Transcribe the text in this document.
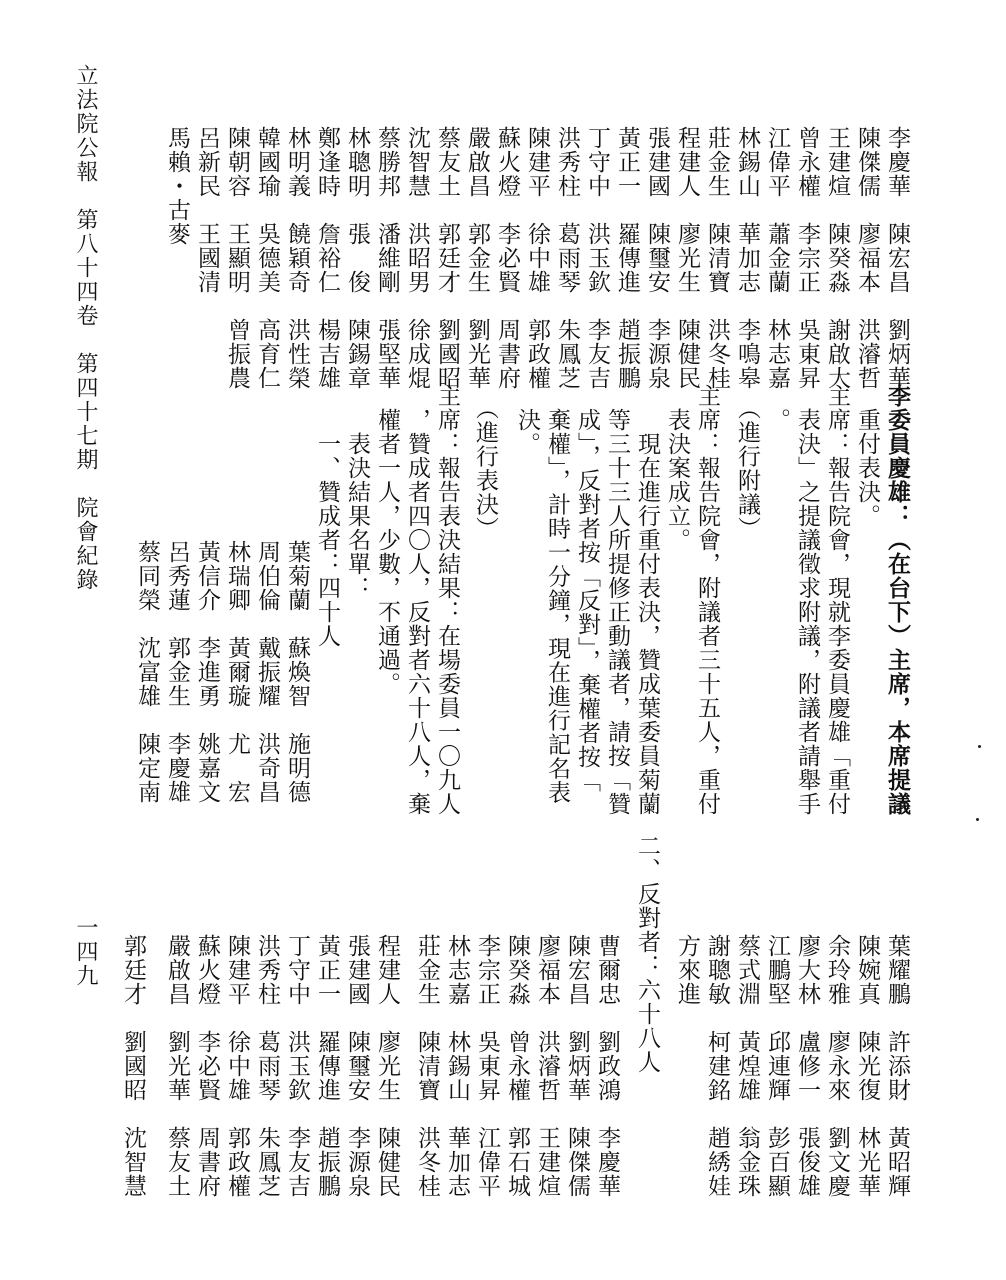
立法院公報　第八十四卷　第四十七期　院會紀錄
一四九
李慶華　陳宏昌　劉炳華
陳傑儒　廖福本　洪濬哲
王建煊　陳癸淼　謝啟大
曾永權　李宗正　吳東昇
江偉平　蕭金蘭　林志嘉
林錫山　華加志　李鳴皋
莊金生　陳清寶　洪冬桂
程建人　廖光生　陳健民
張建國　陳璽安　李源泉
黃正一　羅傳進　趙振鵬
丁守中　洪玉欽　李友吉
洪秀柱　葛雨琴　朱鳳芝
陳建平　徐中雄　郭政權
蘇火燈　李必賢　周書府
嚴啟昌　郭金生　劉光華
蔡友土　郭廷才　劉國昭
沈智慧　洪昭男　徐成焜
蔡勝邦　潘維剛　張堅華
林聰明　張　俊　陳錫章
鄭逢時　詹裕仁　楊吉雄
林明義　饒穎奇　洪性榮
韓國瑜　吳德美　高育仁
陳朝容　王顯明　曾振農
呂新民　王國清
馬賴・古麥
李委員慶雄：（在台下）主席，本席提議
　重付表決。
主席：報告院會，現就李委員慶雄「重付
　表決」之提議徵求附議，附議者請舉手
　。
　（進行附議）
主席：報告院會，附議者三十五人，重付
　表決案成立。
　　現在進行重付表決，贊成葉委員菊蘭
　等三十三人所提修正動議者，請按「贊
　成」，反對者按「反對」，棄權者按「
　棄權」，計時一分鐘，現在進行記名表
　決。
　（進行表決）
主席：報告表決結果：在場委員一〇九人
　，贊成者四〇人，反對者六十八人，棄
　權者一人，少數，不通過。
　　表決結果名單：
　　一、贊成者：四十人
葉菊蘭　蘇煥智　施明德
周伯倫　戴振耀　洪奇昌
林瑞卿　黃爾璇　尤　宏
黃信介　李進勇　姚嘉文
呂秀蓮　郭金生　李慶雄
蔡同榮　沈富雄　陳定南
葉耀鵬　許添財　黃昭輝
陳婉真　陳光復　林光華
余玲雅　廖永來　劉文慶
廖大林　盧修一　張俊雄
江鵬堅　邱連輝　彭百顯
蔡式淵　黃煌雄　翁金珠
謝聰敏　柯建銘　趙綉娃
方來進
二、反對者：六十八人
曹爾忠　劉政鴻　李慶華
陳宏昌　劉炳華　陳傑儒
廖福本　洪濬哲　王建煊
陳癸淼　曾永權　郭石城
李宗正　吳東昇　江偉平
林志嘉　林錫山　華加志
莊金生　陳清寶　洪冬桂
程建人　廖光生　陳健民
張建國　陳璽安　李源泉
黃正一　羅傳進　趙振鵬
丁守中　洪玉欽　李友吉
洪秀柱　葛雨琴　朱鳳芝
陳建平　徐中雄　郭政權
蘇火燈　李必賢　周書府
嚴啟昌　劉光華　蔡友土
郭廷才　劉國昭　沈智慧
